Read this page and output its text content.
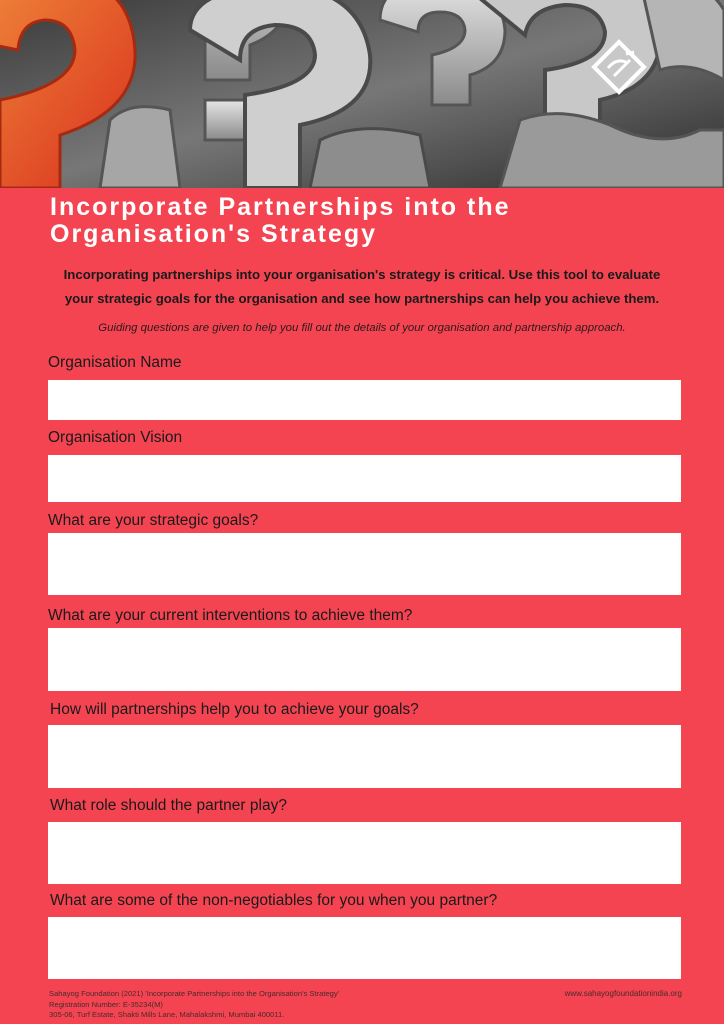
Incorporate Partnerships into the
Organisation's Strategy

Incorporating partnerships into your organisation's strategy is critical. Use this tool to evaluate
your strategic goals for the organisation and see how partnerships can help you achieve them.

Guiding questions are given to help you fill out the details of your organisation and partnership approach.

Organisation Name
Organisation Vision
What are your strategic goals?
What are your current interventions to achieve them?
How will partnerships help you to achieve your goals?
What role should the partner play?
What are some of the non-negotiables for you when you partner?
Sahayog Foundation (2021) 'Incorporate Partnerships into the Organisation's Strategy'
Registration Number: E-35234(M)
305-06, Turf Estate, Shakti Mills Lane, Mahalakshmi, Mumbai 400011.
www.sahayogfoundationindia.org
